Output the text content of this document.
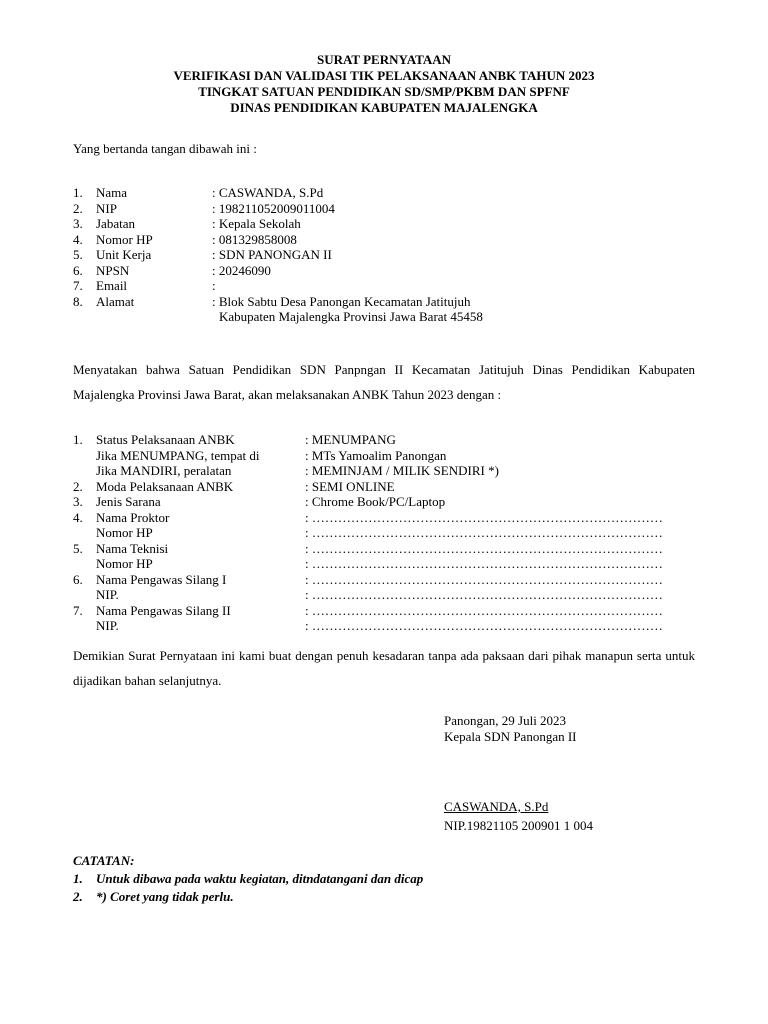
SURAT PERNYATAAN
VERIFIKASI DAN VALIDASI TIK PELAKSANAAN ANBK TAHUN 2023
TINGKAT SATUAN PENDIDIKAN SD/SMP/PKBM DAN SPFNF
DINAS PENDIDIKAN KABUPATEN MAJALENGKA
Yang bertanda tangan dibawah ini :
1. Nama	: CASWANDA, S.Pd
2. NIP	: 198211052009011004
3. Jabatan	: Kepala Sekolah
4. Nomor HP	: 081329858008
5. Unit Kerja	: SDN PANONGAN II
6. NPSN	: 20246090
7. Email	:
8. Alamat	: Blok Sabtu Desa Panongan Kecamatan Jatitujuh
Kabupaten Majalengka Provinsi Jawa Barat 45458
Menyatakan bahwa Satuan Pendidikan SDN Panpngan II Kecamatan Jatitujuh Dinas Pendidikan Kabupaten Majalengka Provinsi Jawa Barat, akan melaksanakan ANBK Tahun 2023 dengan :
1. Status Pelaksanaan ANBK	: MENUMPANG
Jika MENUMPANG, tempat di	: MTs Yamoalim Panongan
Jika MANDIRI, peralatan	: MEMINJAM / MILIK SENDIRI *)
2. Moda Pelaksanaan ANBK	: SEMI ONLINE
3. Jenis Sarana	: Chrome Book/PC/Laptop
4. Nama Proktor	: ………………………………………………………………………
Nomor HP	: ………………………………………………………………………
5. Nama Teknisi	: ………………………………………………………………………
Nomor HP	: ………………………………………………………………………
6. Nama Pengawas Silang I	: ………………………………………………………………………
NIP.	: ………………………………………………………………………
7. Nama Pengawas Silang II	: ………………………………………………………………………
NIP.	: ………………………………………………………………………
Demikian Surat Pernyataan ini kami buat dengan penuh kesadaran tanpa ada paksaan dari pihak manapun serta untuk dijadikan bahan selanjutnya.
Panongan, 29 Juli 2023
Kepala SDN Panongan II
CASWANDA, S.Pd
NIP.19821105 200901 1 004
CATATAN:
1. Untuk dibawa pada waktu kegiatan, ditndatangani dan dicap
2. *) Coret yang tidak perlu.
